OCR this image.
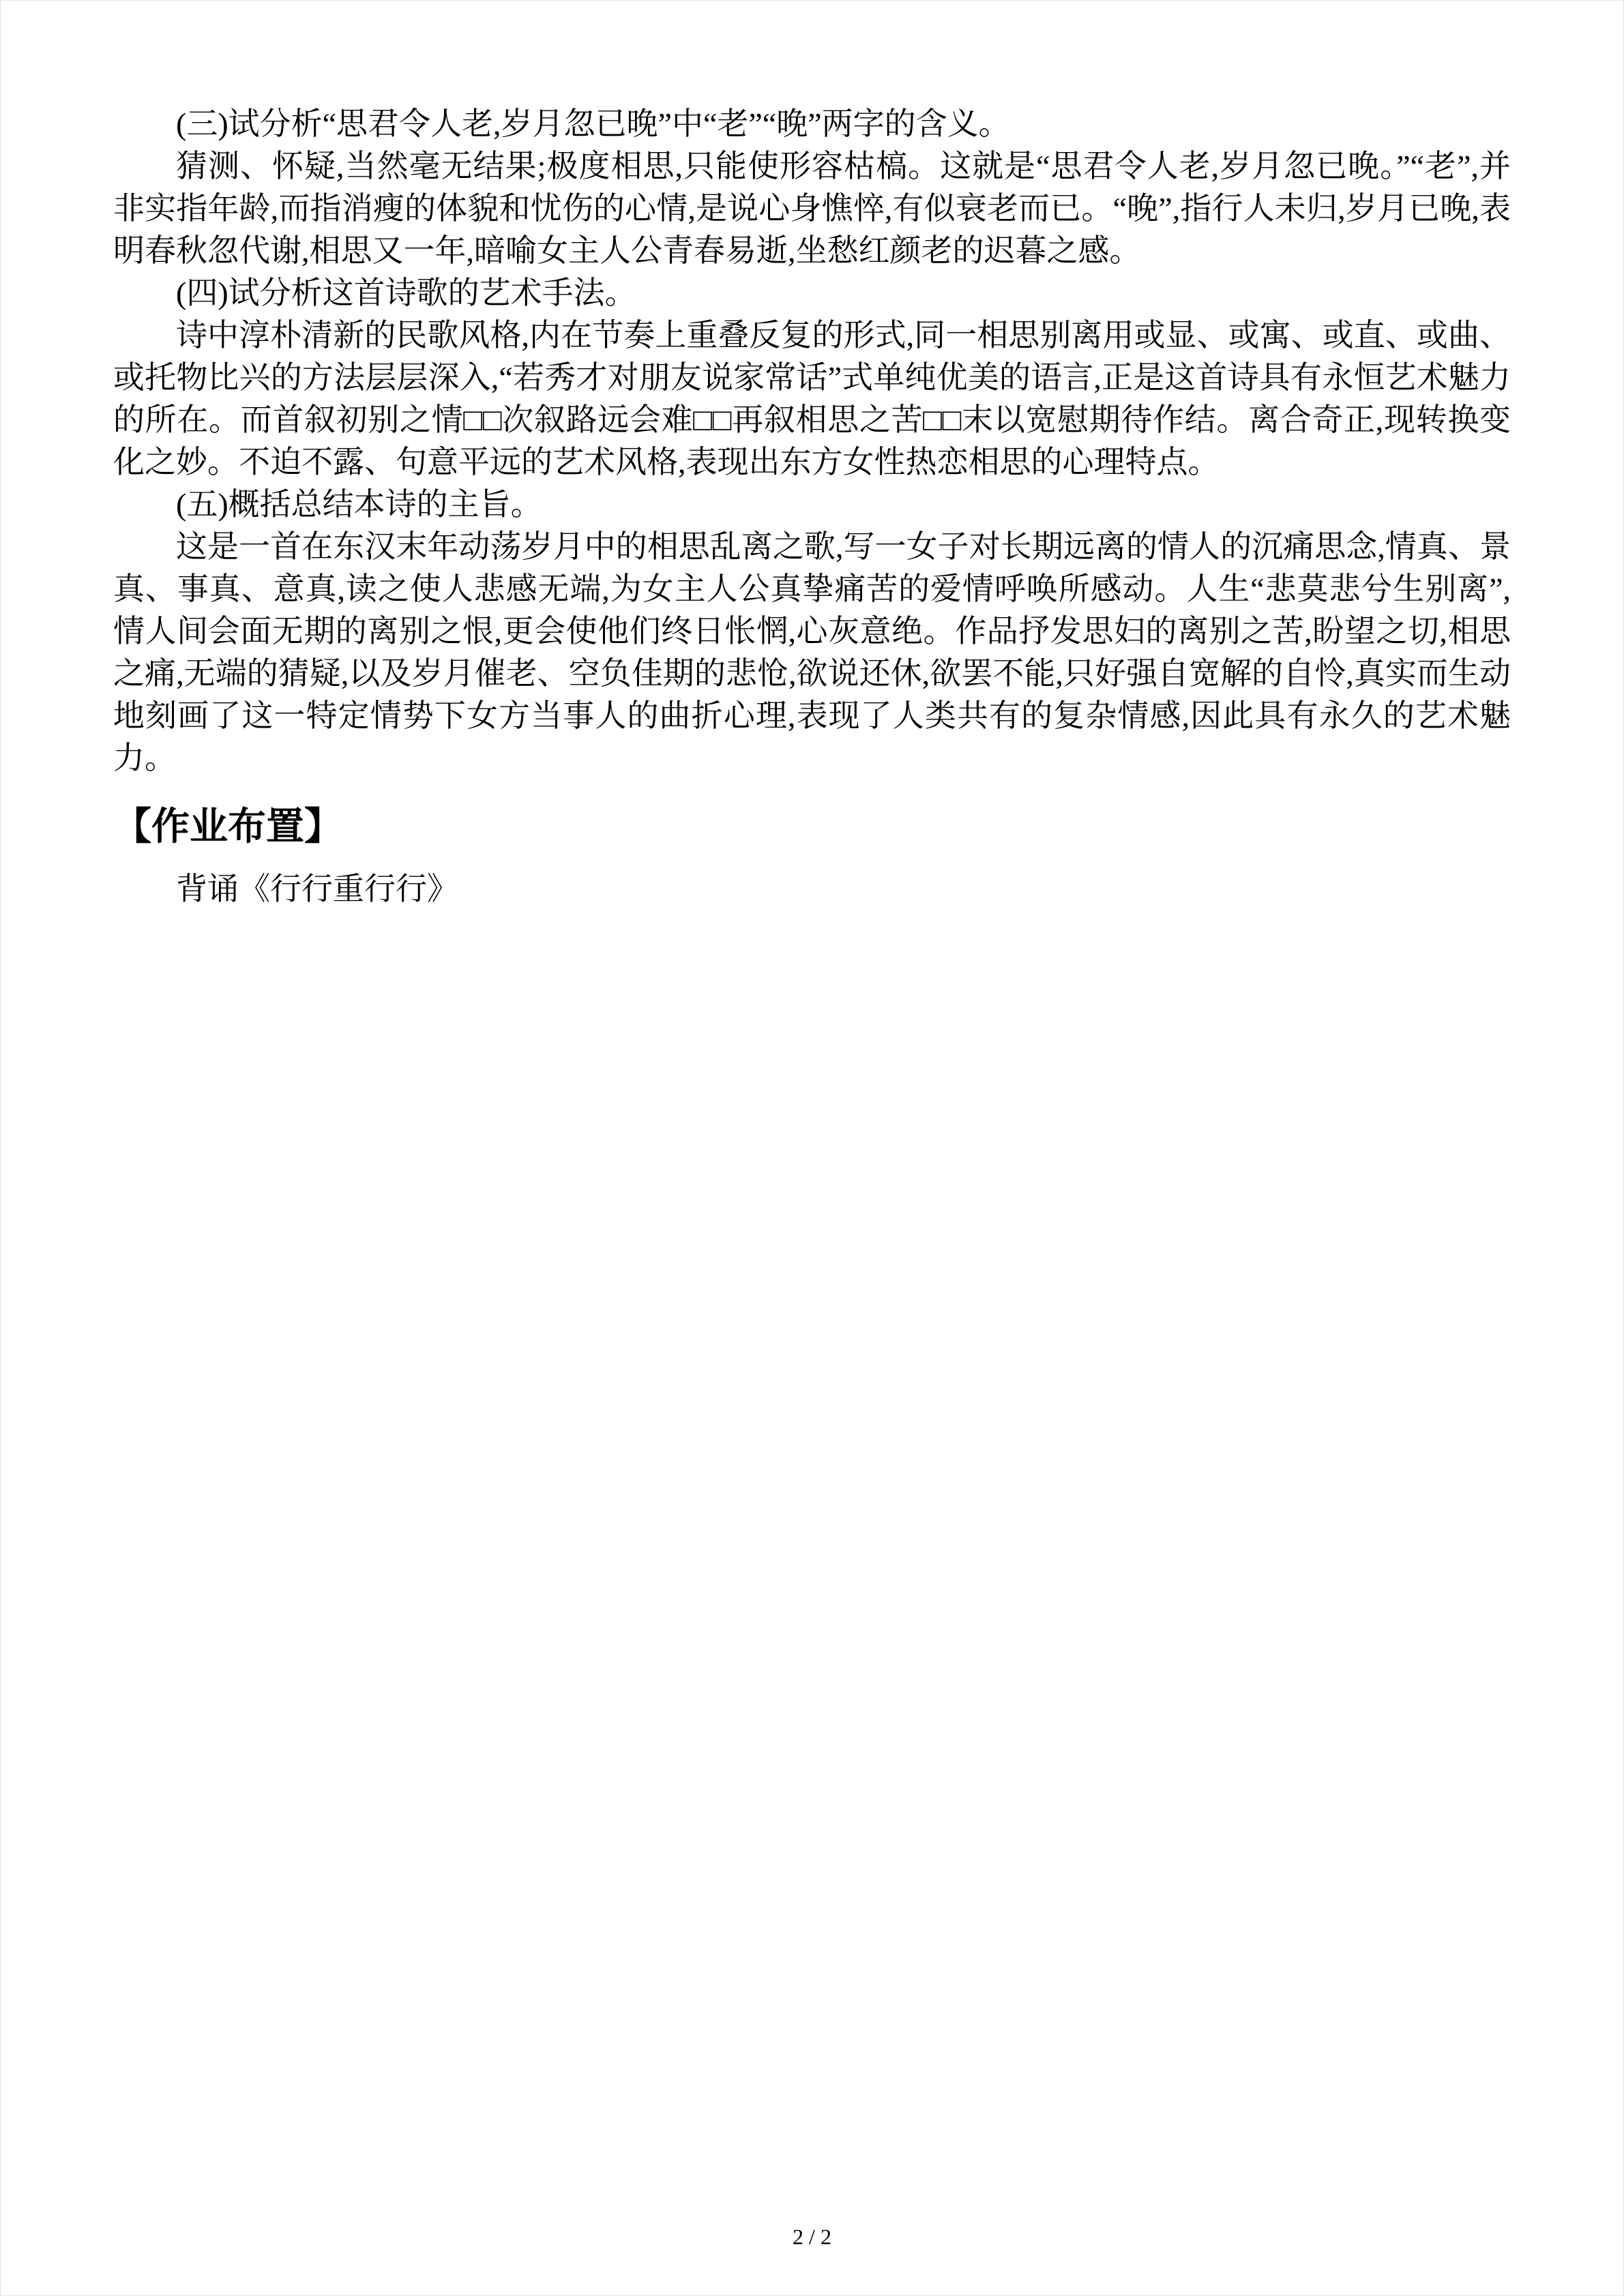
(三)试分析“思君令人老,岁月忽已晚”中“老”“晚”两字的含义。

猜测、怀疑,当然毫无结果;极度相思,只能使形容枯槁。这就是“思君令人老,岁月忽已晚。”“老”,并非实指年龄,而指消瘦的体貌和忧伤的心情,是说心身憔悴,有似衰老而已。“晚”,指行人未归,岁月已晚,表明春秋忽代谢,相思又一年,暗喻女主人公青春易逝,坐愁红颜老的迟暮之感。

(四)试分析这首诗歌的艺术手法。

诗中淳朴清新的民歌风格,内在节奏上重叠反复的形式,同一相思别离用或显、或寓、或直、或曲、或托物比兴的方法层层深入,“若秀才对朋友说家常话”式单纯优美的语言,正是这首诗具有永恒艺术魅力的所在。而首叙初别之情□□次叙路远会难□□再叙相思之苦□□末以宽慰期待作结。离合奇正,现转换变化之妙。不迫不露、句意平远的艺术风格,表现出东方女性热恋相思的心理特点。

(五)概括总结本诗的主旨。

这是一首在东汉末年动荡岁月中的相思乱离之歌,写一女子对长期远离的情人的沉痛思念,情真、景真、事真、意真,读之使人悲感无端,为女主人公真挚痛苦的爱情呼唤所感动。人生“悲莫悲兮生别离”,情人间会面无期的离别之恨,更会使他们终日怅惘,心灰意绝。作品抒发思妇的离别之苦,盼望之切,相思之痛,无端的猜疑,以及岁月催老、空负佳期的悲怆,欲说还休,欲罢不能,只好强自宽解的自怜,真实而生动地刻画了这一特定情势下女方当事人的曲折心理,表现了人类共有的复杂情感,因此具有永久的艺术魅力。

【作业布置】

背诵《行行重行行》

2 / 2
